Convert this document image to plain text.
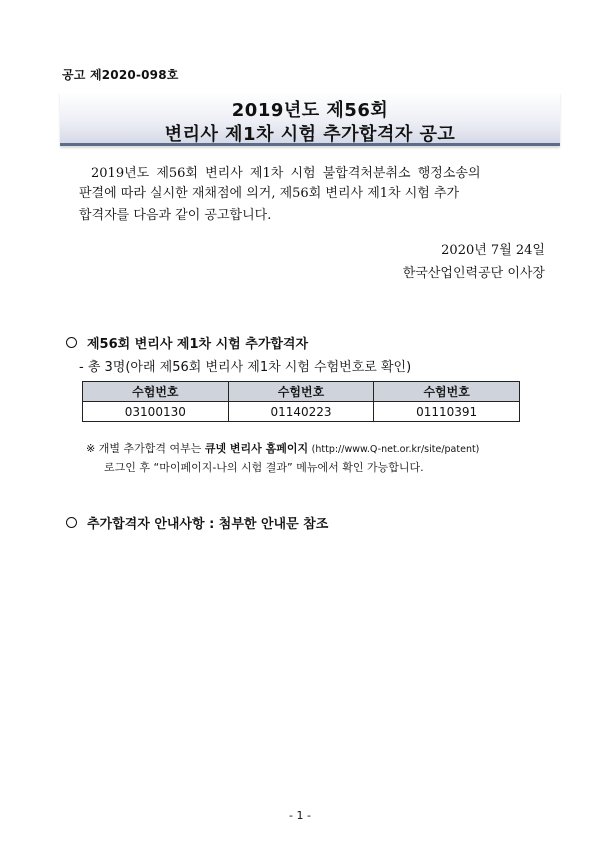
공고 제2020-098호
2019년도 제56회
변리사 제1차 시험 추가합격자 공고
2019년도 제56회 변리사 제1차 시험 불합격처분취소 행정소송의
판결에 따라 실시한 재채점에 의거, 제56회 변리사 제1차 시험 추가
합격자를 다음과 같이 공고합니다.
2020년 7월 24일
한국산업인력공단 이사장
제56회 변리사 제1차 시험 추가합격자
- 총 3명(아래 제56회 변리사 제1차 시험 수험번호로 확인)
수험번호	수험번호	수험번호
03100130	01140223	01110391
※ 개별 추가합격 여부는 큐넷 변리사 홈페이지 (http://www.Q-net.or.kr/site/patent)
로그인 후 “마이페이지-나의 시험 결과” 메뉴에서 확인 가능합니다.
추가합격자 안내사항 : 첨부한 안내문 참조
- 1 -
